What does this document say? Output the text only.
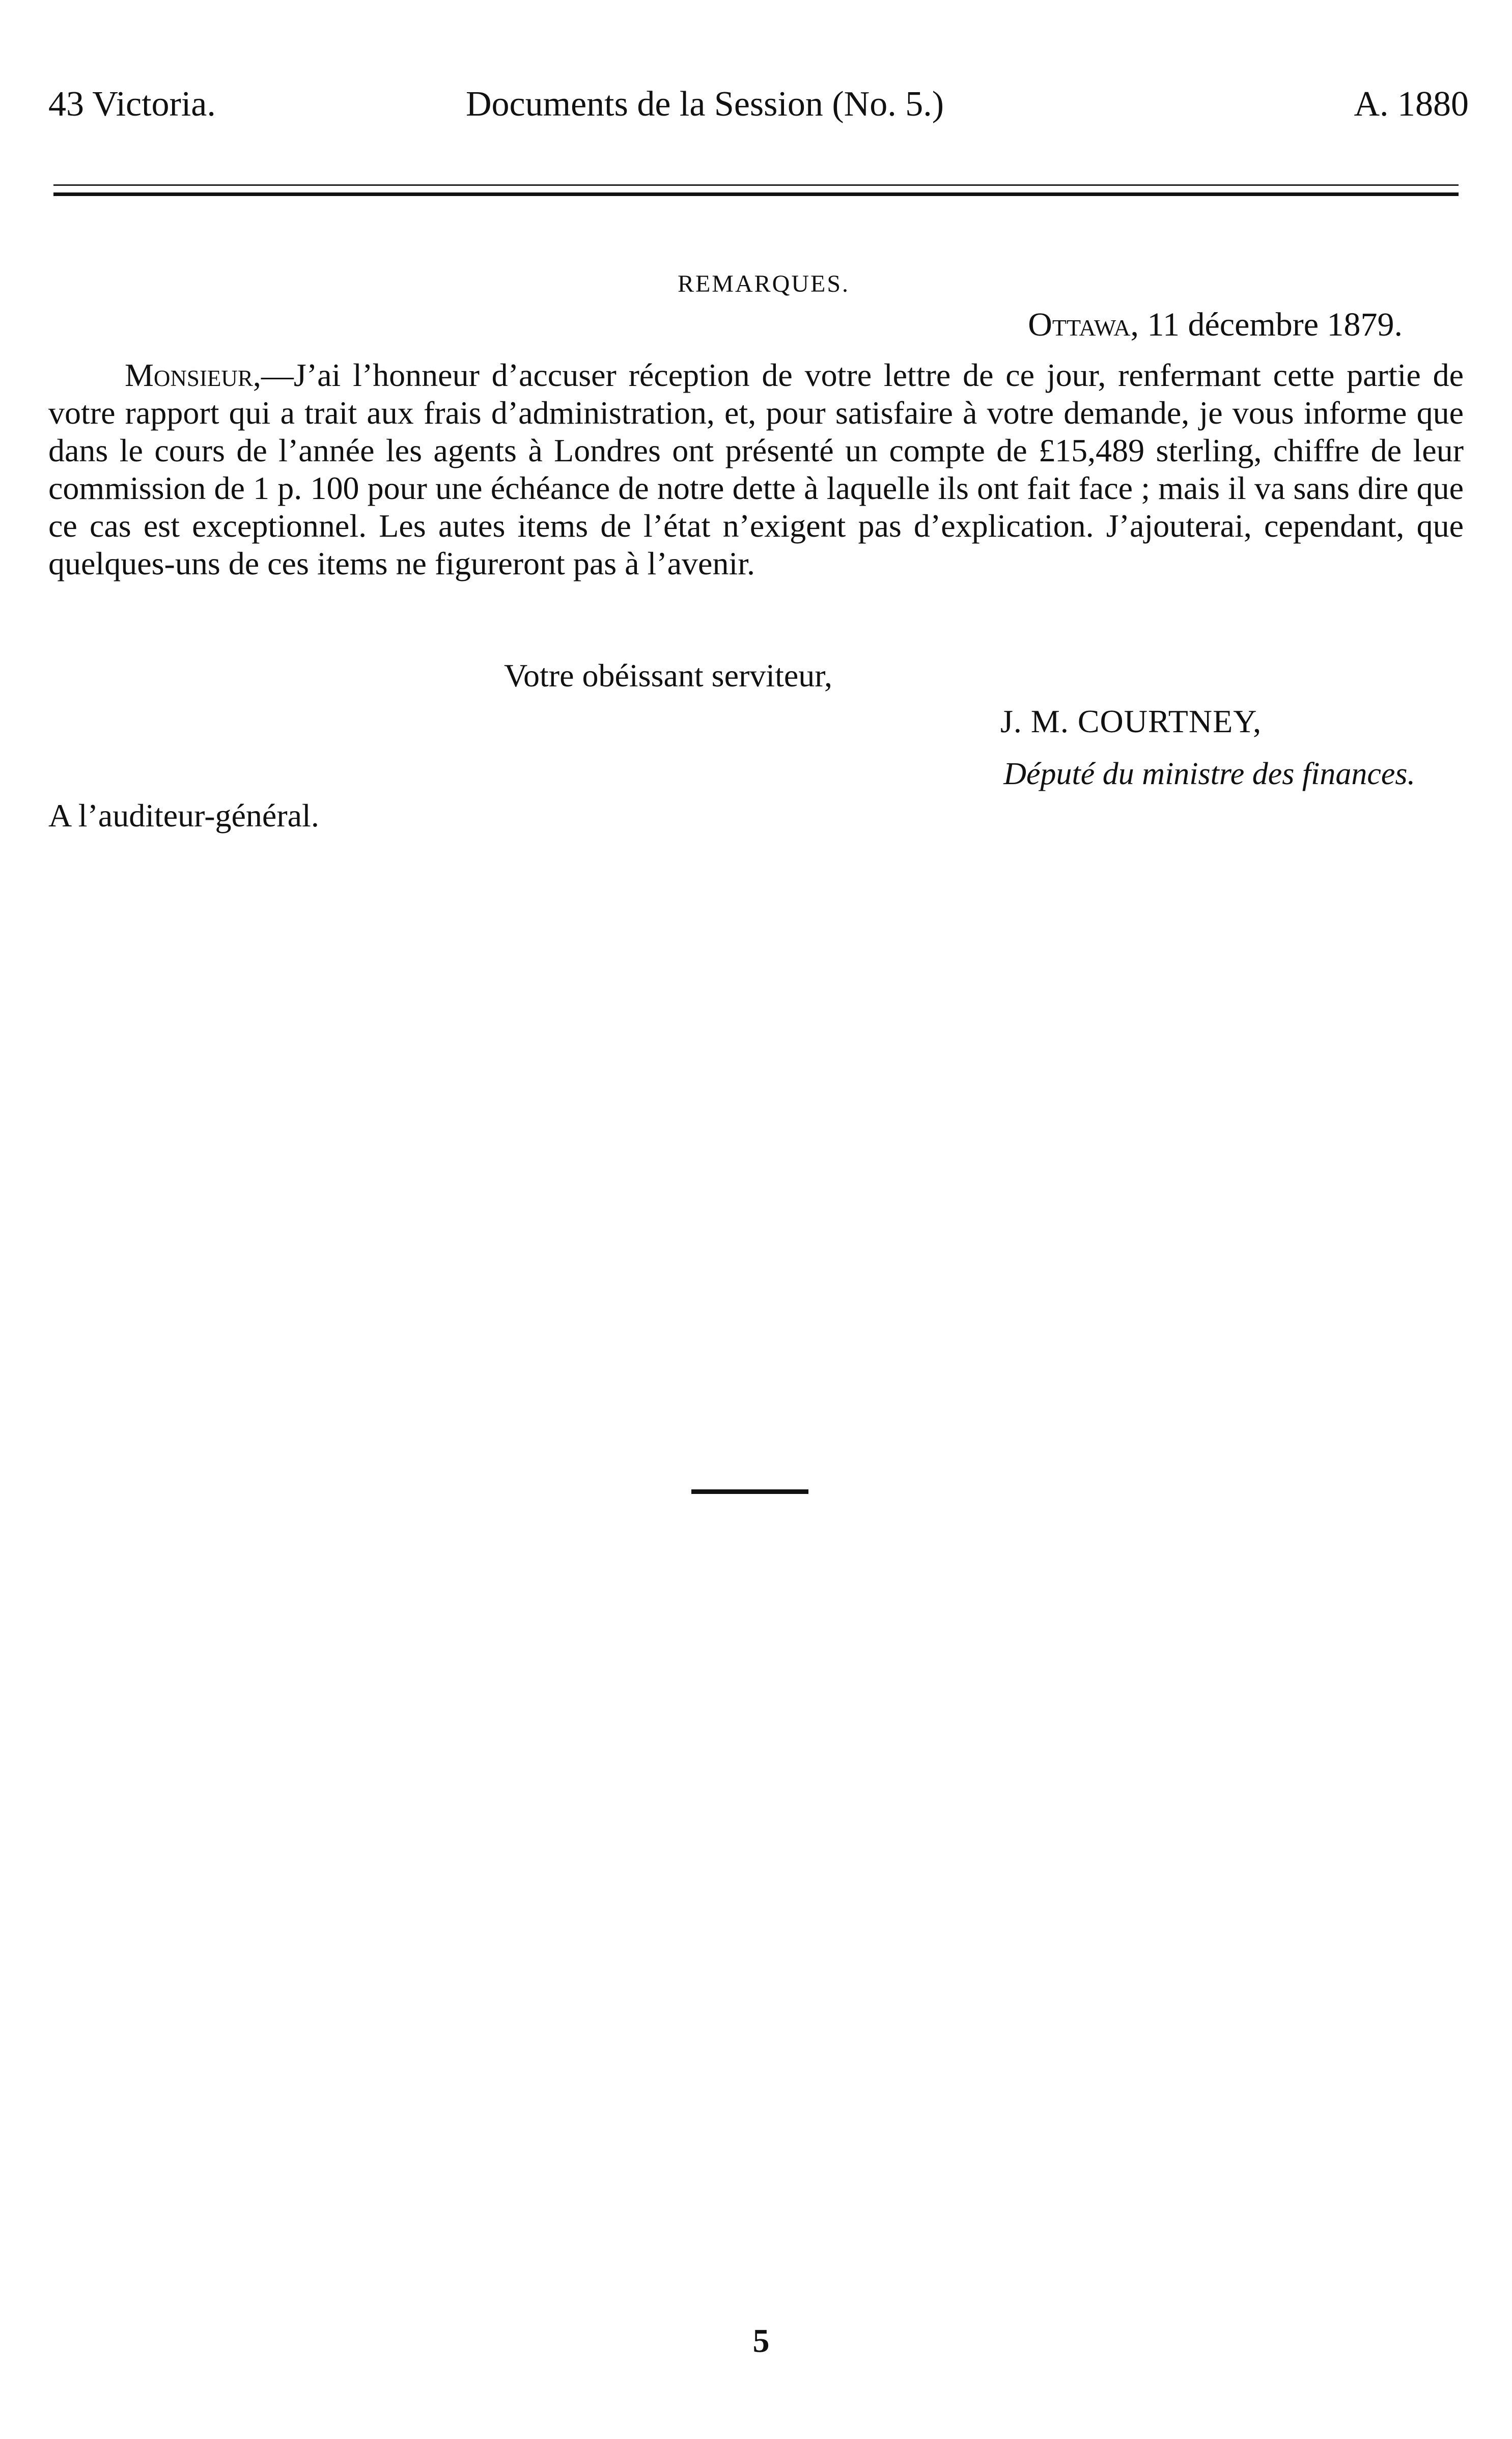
43 Victoria.	Documents de la Session (No. 5.)	A. 1880
REMARQUES.
Ottawa, 11 décembre 1879.
Monsieur,—J’ai l’honneur d’accuser réception de votre lettre de ce jour, renfermant cette partie de votre rapport qui a trait aux frais d’administration, et, pour satisfaire à votre demande, je vous informe que dans le cours de l’année les agents à Londres ont présenté un compte de £15,489 sterling, chiffre de leur commission de 1 p. 100 pour une échéance de notre dette à laquelle ils ont fait face ; mais il va sans dire que ce cas est exceptionnel. Les autes items de l’état n’exigent pas d’explication. J’ajouterai, cependant, que quelques-uns de ces items ne figureront pas à l’avenir.
Votre obéissant serviteur,
J. M. COURTNEY,
Député du ministre des finances.
A l’auditeur-général.
5
